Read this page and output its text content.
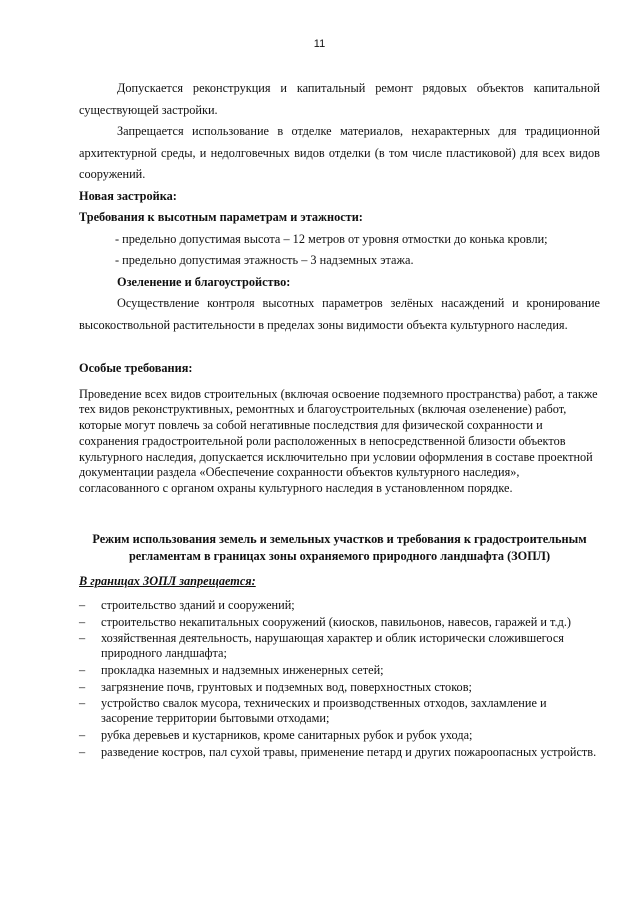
11

Допускается реконструкция и капитальный ремонт рядовых объектов капитальной существующей застройки.

Запрещается использование в отделке материалов, нехарактерных для традиционной архитектурной среды, и недолговечных видов отделки (в том числе пластиковой) для всех видов сооружений.

Новая застройка:

Требования к высотным параметрам и этажности:

- предельно допустимая высота – 12 метров от уровня отмостки до конька кровли;

- предельно допустимая этажность – 3 надземных этажа.

Озеленение и благоустройство:

Осуществление контроля высотных параметров зелёных насаждений и кронирование высокоствольной растительности в пределах зоны видимости объекта культурного наследия.

Особые требования:

Проведение всех видов строительных (включая освоение подземного пространства) работ, а также тех видов реконструктивных, ремонтных и благоустроительных (включая озеленение) работ, которые могут повлечь за собой негативные последствия для физической сохранности и сохранения градостроительной роли расположенных в непосредственной близости объектов культурного наследия, допускается исключительно при условии оформления в составе проектной документации раздела «Обеспечение сохранности объектов культурного наследия», согласованного с органом охраны культурного наследия в установленном порядке.

Режим использования земель и земельных участков и требования к градостроительным регламентам в границах зоны охраняемого природного ландшафта (ЗОПЛ)

В границах ЗОПЛ запрещается:

– строительство зданий и сооружений;
– строительство некапитальных сооружений (киосков, павильонов, навесов, гаражей и т.д.)
– хозяйственная деятельность, нарушающая характер и облик исторически сложившегося природного ландшафта;
– прокладка наземных и надземных инженерных сетей;
– загрязнение почв, грунтовых и подземных вод, поверхностных стоков;
– устройство свалок мусора, технических и производственных отходов, захламление и засорение территории бытовыми отходами;
– рубка деревьев и кустарников, кроме санитарных рубок и рубок ухода;
– разведение костров, пал сухой травы, применение петард и других пожароопасных устройств.
